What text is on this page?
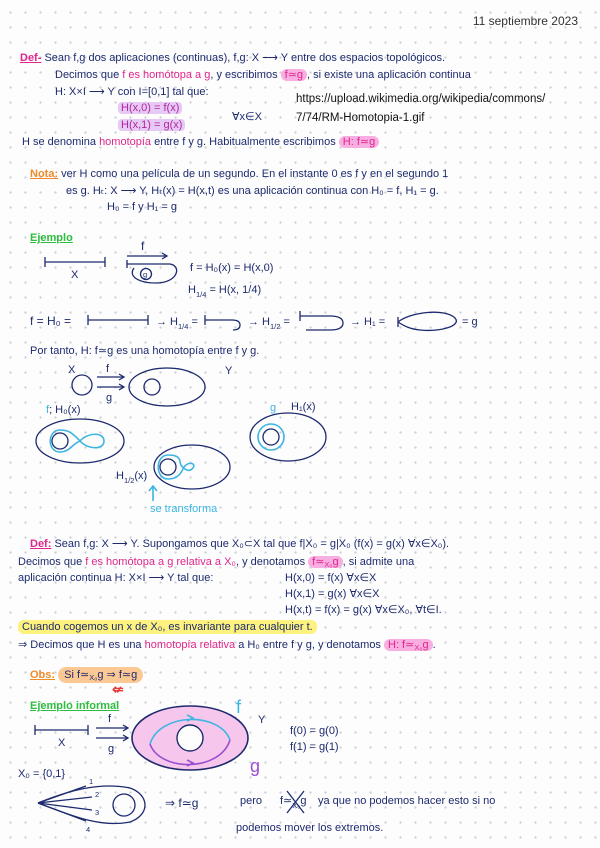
11 septiembre 2023
Def- Sean f,g dos aplicaciones (continuas), f,g: X ⟶ Y entre dos espacios topológicos.
Decimos que f es homótopa a g, y escribimos f≃g , si existe una aplicación continua
H: X×I ⟶ Y con I=[0,1] tal que:
H(x,0) = f(x)
H(x,1) = g(x)
∀x∈X
https://upload.wikimedia.org/wikipedia/commons/
7/74/RM-Homotopia-1.gif
H se denomina homotopía entre f y g. Habitualmente escribimos H: f≃g
Nota: ver H como una película de un segundo. En el instante 0 es f y en el segundo 1
es g. Hₜ: X ⟶ Y, Hₜ(x) = H(x,t) es una aplicación continua con H₀ = f, H₁ = g.
H₀ = f y H₁ = g
Ejemplo
Por tanto, H: f≃g es una homotopía entre f y g.
Def: Sean f,g: X ⟶ Y. Supongamos que X₀⊂X tal que f|X₀ = g|X₀ (f(x) = g(x) ∀x∈X₀).
Decimos que f es homótopa a g relativa a X₀, y denotamos $f≃_{X_0}g$ , si admite una
aplicación continua H: X×I ⟶ Y tal que:	H(x,0) = f(x) ∀x∈X
H(x,1) = g(x) ∀x∈X
H(x,t) = f(x) = g(x) ∀x∈X₀, ∀t∈I.
Cuando cogemos un x de X₀, es invariante para cualquier t.
⇒ Decimos que H es una homotopía relativa a H₀ entre f y g, y denotamos H: $f≃_{X_0}g$ .
Obs: Si $f≃_{X_0}g$ ⇒ f≃g
⇍
Ejemplo informal
X
f
g
f = H₀(x) = H(x,0)
$H_{1/4} = H(x$, 1/4)
f = H₀ =	→ $H_{1/4}$ =	→ $H_{1/2}$ =	→ H₁ =	= g
X	f
g
Y
f; H₀(x)	g H₁(x)
$H_{1/2}(x)$
se transforma
X
f
g
f
Y
g
f(0) = g(0)
f(1) = g(1)
X₀ = {0,1}
1
2
3
4
⇒ f≃g	pero $f≃_{X_0}g$ ya que no podemos hacer esto si no
podemos mover los extremos.
